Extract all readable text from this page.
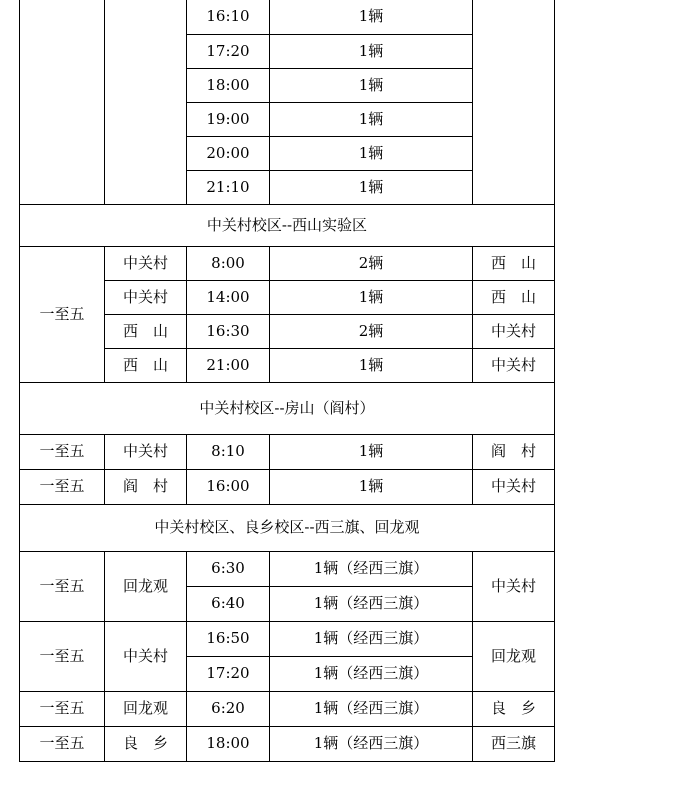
		16:10	1辆	
		17:20	1辆	
		18:00	1辆	
		19:00	1辆	
		20:00	1辆	
		21:10	1辆	
中关村校区--西山实验区				
一至五	中关村	8:00	2辆	西　山
	中关村	14:00	1辆	西　山
	西　山	16:30	2辆	中关村
	西　山	21:00	1辆	中关村
中关村校区--房山（阎村）				
一至五	中关村	8:10	1辆	阎　村
一至五	阎　村	16:00	1辆	中关村
中关村校区、良乡校区--西三旗、回龙观				
一至五	回龙观	6:30	1辆（经西三旗）	中关村
		6:40	1辆（经西三旗）	
一至五	中关村	16:50	1辆（经西三旗）	回龙观
		17:20	1辆（经西三旗）	
一至五	回龙观	6:20	1辆（经西三旗）	良　乡
一至五	良　乡	18:00	1辆（经西三旗）	西三旗
